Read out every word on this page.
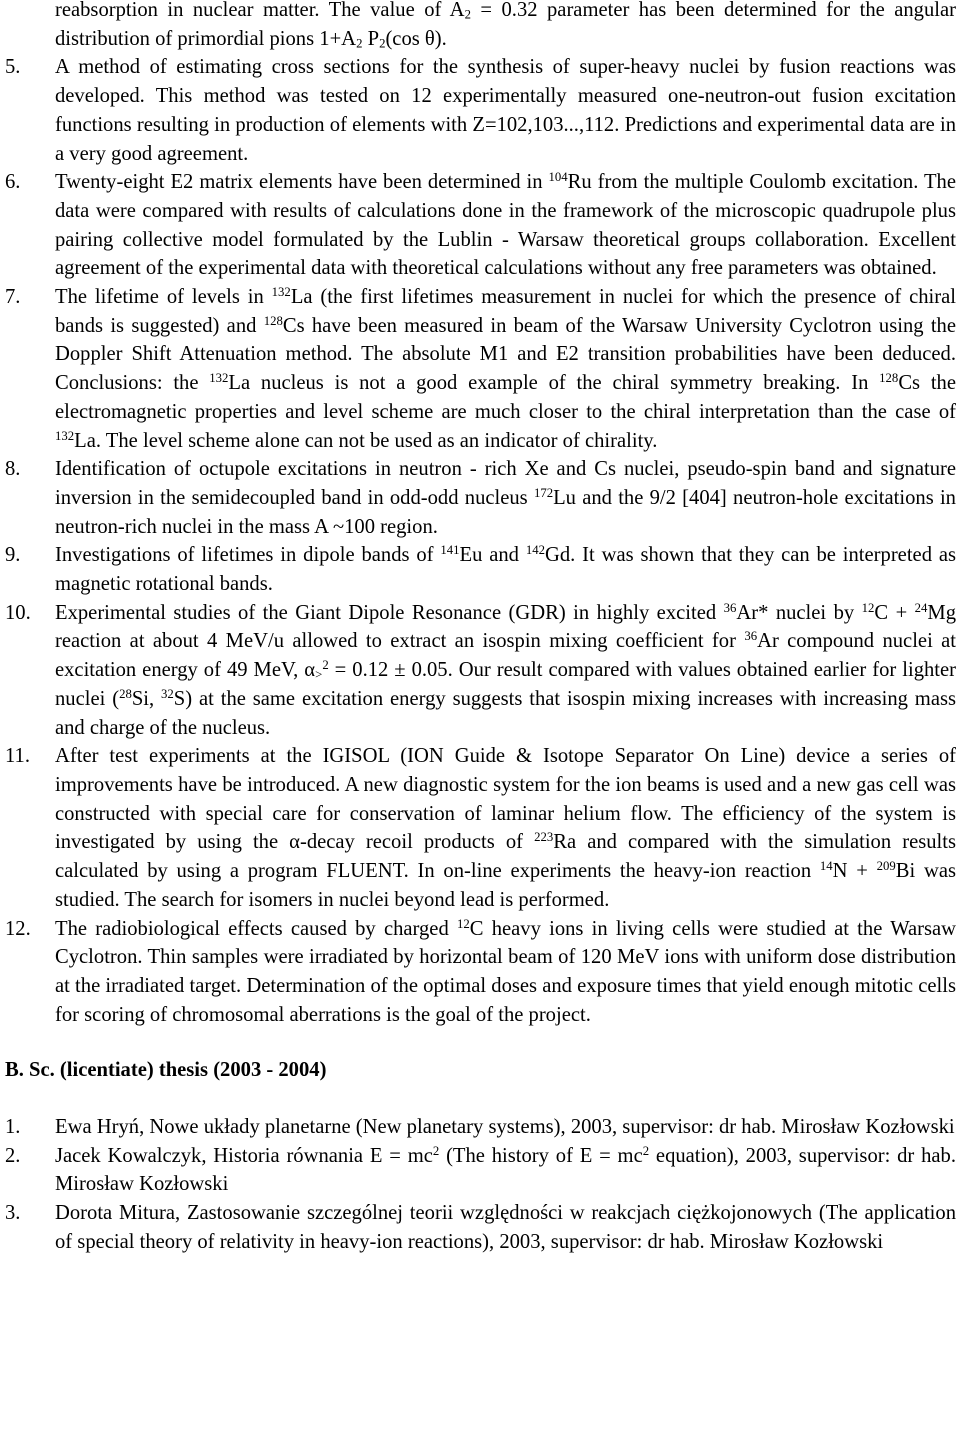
reabsorption in nuclear matter. The value of $A_2 = 0.32$ parameter has been determined for the angular distribution of primordial pions $1+A_2$ $P_2(\cos$ θ).
5.	A method of estimating cross sections for the synthesis of super-heavy nuclei by fusion reactions was developed. This method was tested on 12 experimentally measured one-neutron-out fusion excitation functions resulting in production of elements with Z=102,103...,112. Predictions and experimental data are in a very good agreement.
6.	Twenty-eight E2 matrix elements have been determined in $^{104}$Ru from the multiple Coulomb excitation. The data were compared with results of calculations done in the framework of the microscopic quadrupole plus pairing collective model formulated by the Lublin - Warsaw theoretical groups collaboration. Excellent agreement of the experimental data with theoretical calculations without any free parameters was obtained.
7.	The lifetime of levels in $^{132}$La (the first lifetimes measurement in nuclei for which the presence of chiral bands is suggested) and $^{128}$Cs have been measured in beam of the Warsaw University Cyclotron using the Doppler Shift Attenuation method. The absolute M1 and E2 transition probabilities have been deduced. Conclusions: the $^{132}$La nucleus is not a good example of the chiral symmetry breaking. In $^{128}$Cs the electromagnetic properties and level scheme are much closer to the chiral interpretation than the case of $^{132}$La. The level scheme alone can not be used as an indicator of chirality.
8.	Identification of octupole excitations in neutron - rich Xe and Cs nuclei, pseudo-spin band and signature inversion in the semidecoupled band in odd-odd nucleus $^{172}$Lu and the 9/2 [404] neutron-hole excitations in neutron-rich nuclei in the mass A ~100 region.
9.	Investigations of lifetimes in dipole bands of $^{141}$Eu and $^{142}$Gd. It was shown that they can be interpreted as magnetic rotational bands.
10.	Experimental studies of the Giant Dipole Resonance (GDR) in highly excited $^{36}$Ar* nuclei by $^{12}$C + $^{24}$Mg reaction at about 4 MeV/u allowed to extract an isospin mixing coefficient for $^{36}$Ar compound nuclei at excitation energy of 49 MeV, $\alpha_>^2 = 0.12 \pm 0.05$. Our result compared with values obtained earlier for lighter nuclei ($^{28}$Si, $^{32}$S) at the same excitation energy suggests that isospin mixing increases with increasing mass and charge of the nucleus.
11.	After test experiments at the IGISOL (ION Guide & Isotope Separator On Line) device a series of improvements have be introduced. A new diagnostic system for the ion beams is used and a new gas cell was constructed with special care for conservation of laminar helium flow. The efficiency of the system is investigated by using the α-decay recoil products of $^{223}$Ra and compared with the simulation results calculated by using a program FLUENT. In on-line experiments the heavy-ion reaction $^{14}$N + $^{209}$Bi was studied. The search for isomers in nuclei beyond lead is performed.
12.	The radiobiological effects caused by charged $^{12}$C heavy ions in living cells were studied at the Warsaw Cyclotron. Thin samples were irradiated by horizontal beam of 120 MeV ions with uniform dose distribution at the irradiated target. Determination of the optimal doses and exposure times that yield enough mitotic cells for scoring of chromosomal aberrations is the goal of the project.
B. Sc. (licentiate) thesis (2003 - 2004)
1.	Ewa Hryń, Nowe układy planetarne (New planetary systems), 2003, supervisor: dr hab. Mirosław Kozłowski
2.	Jacek Kowalczyk, Historia równania $E = mc^2$ (The history of $E = mc^2$ equation), 2003, supervisor: dr hab. Mirosław Kozłowski
3.	Dorota Mitura, Zastosowanie szczególnej teorii względności w reakcjach ciężkojonowych (The application of special theory of relativity in heavy-ion reactions), 2003, supervisor: dr hab. Mirosław Kozłowski
